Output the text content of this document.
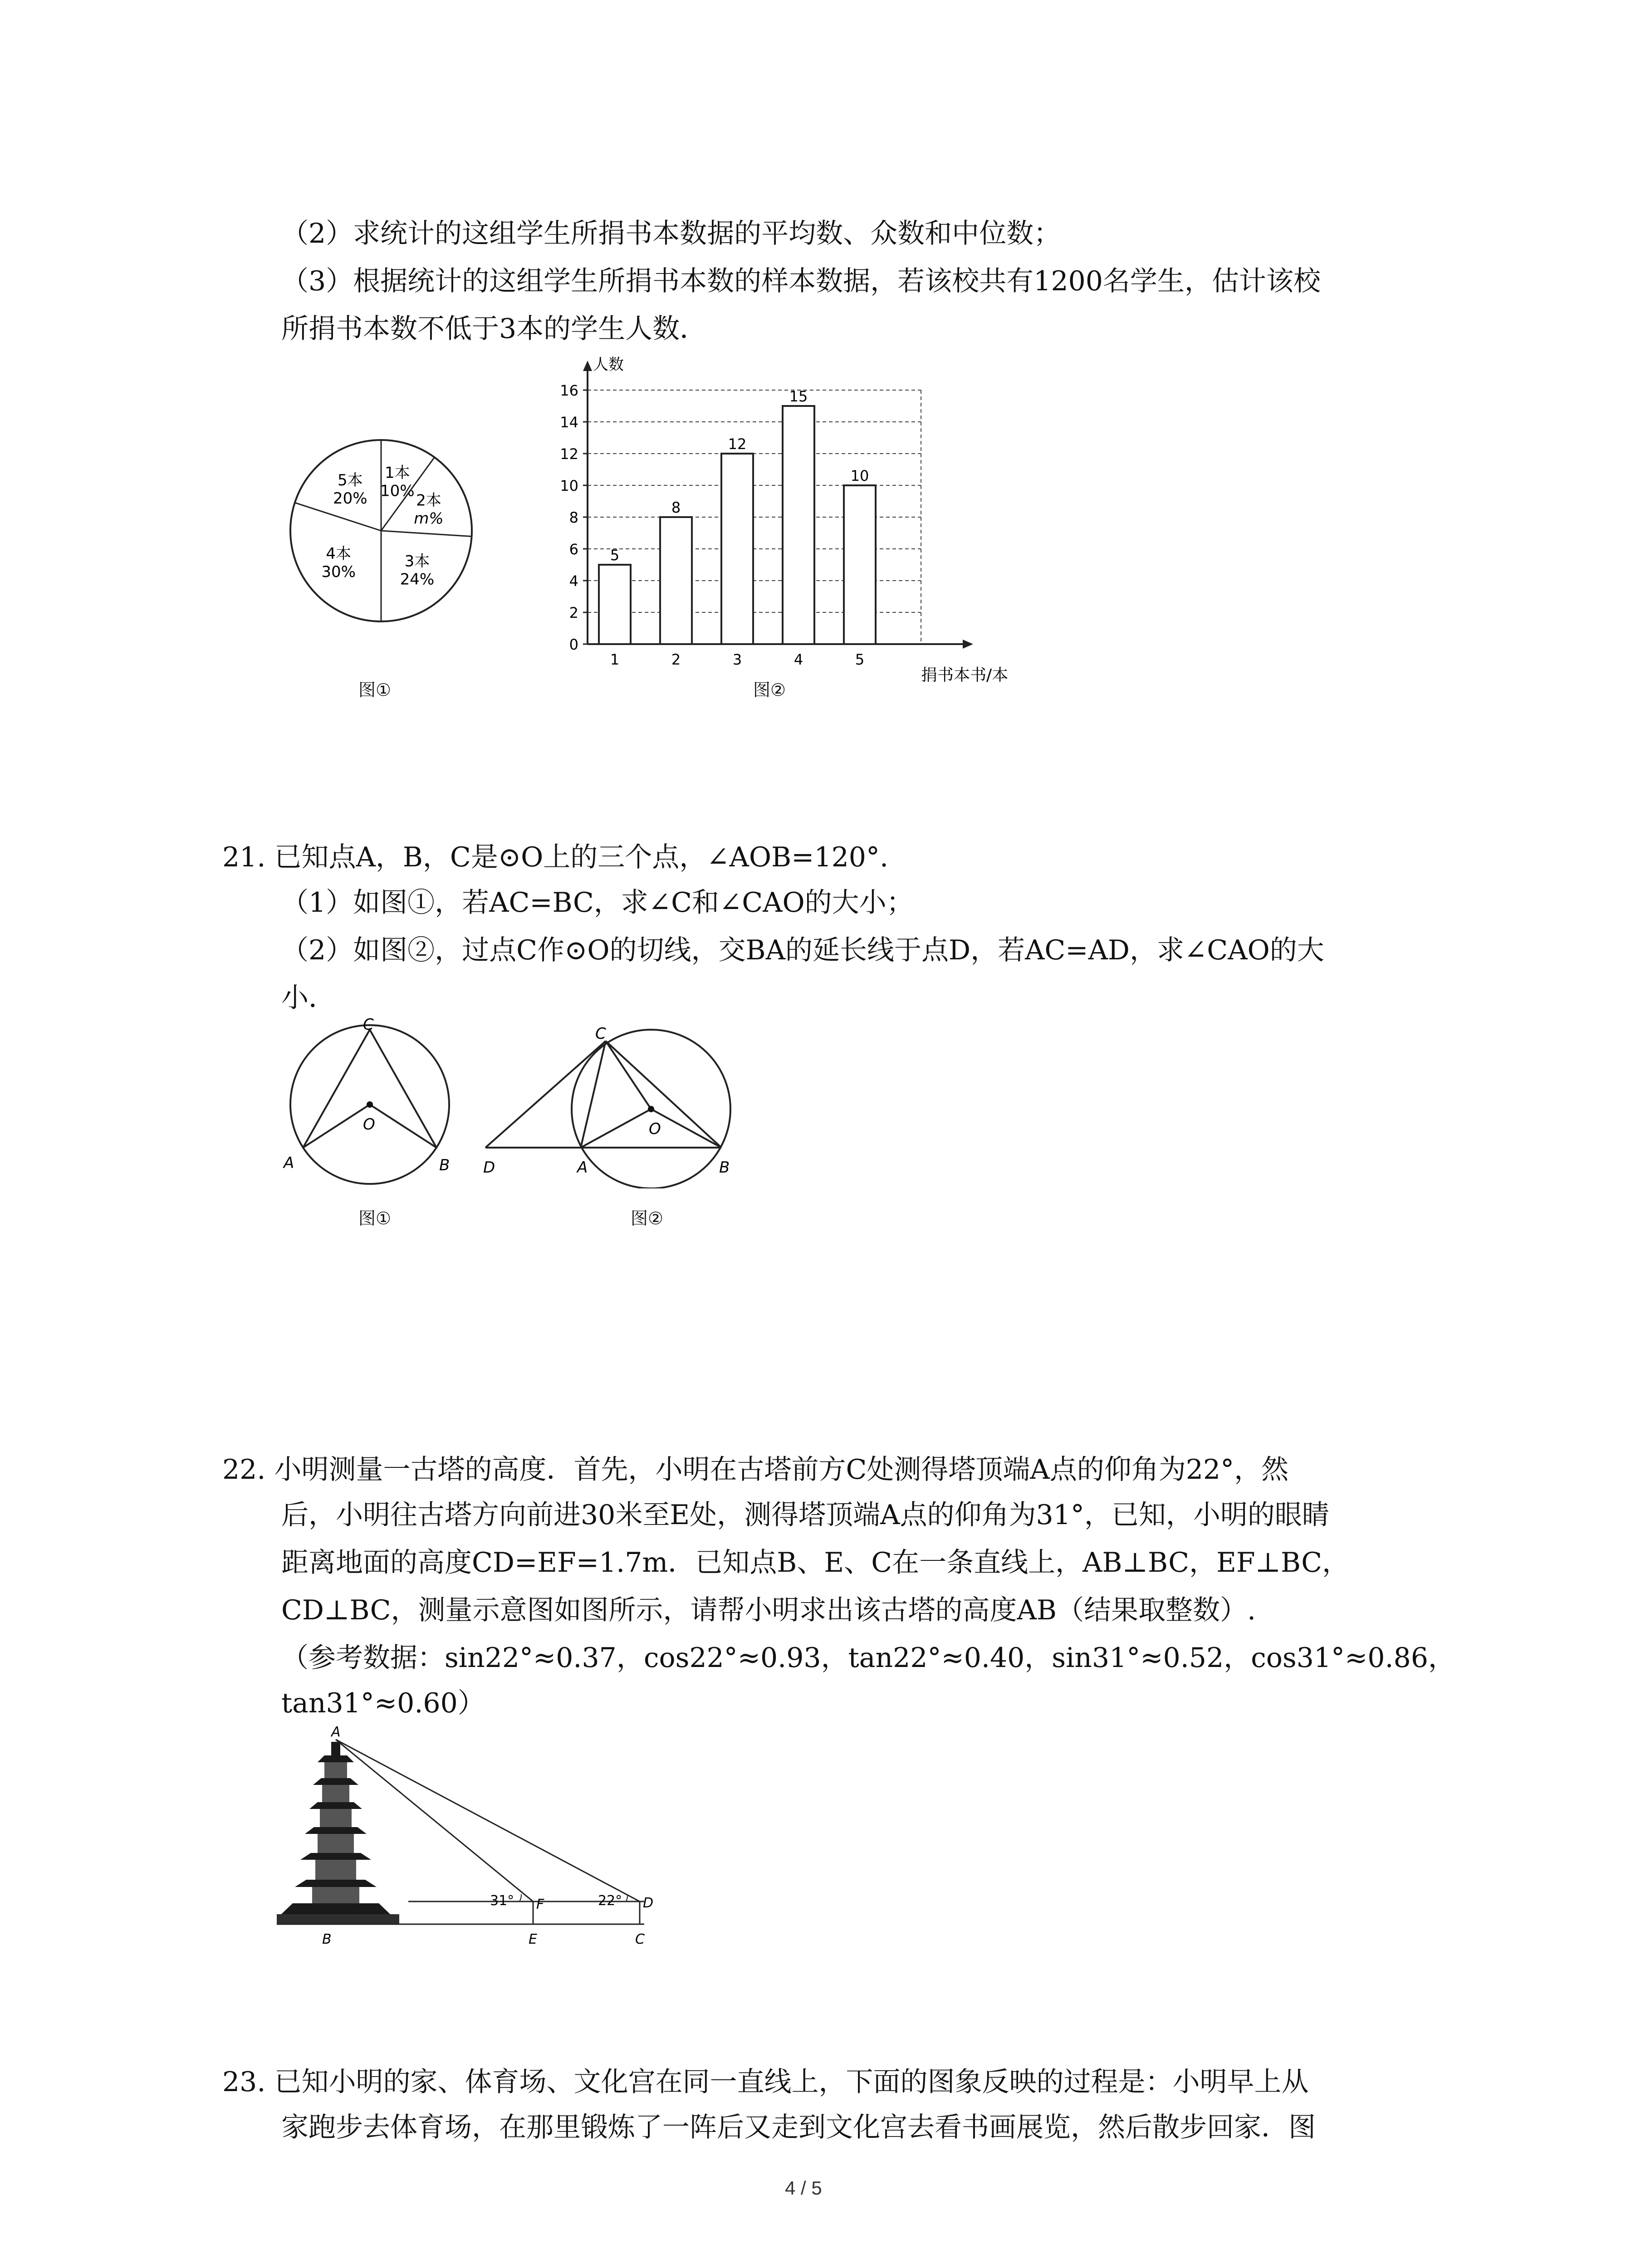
（2）求统计的这组学生所捐书本数据的平均数、众数和中位数；
（3）根据统计的这组学生所捐书本数的样本数据，若该校共有1200名学生，估计该校
所捐书本数不低于3本的学生人数．
1本
10%
2本
m%
3本
24%
4本
30%
5本
20%
图①
0
2
4
6
8
10
12
14
16
人数
捐书本书/本
5
1
8
2
12
3
15
4
10
5
图②
21. 已知点A，B，C是⊙O上的三个点，∠AOB=120°.
（1）如图①，若AC=BC，求∠C和∠CAO的大小；
（2）如图②，过点C作⊙O的切线，交BA的延长线于点D，若AC=AD，求∠CAO的大
小．
C
O
A	B
图①
C
O
D	A	B
图②
22. 小明测量一古塔的高度．首先，小明在古塔前方C处测得塔顶端A点的仰角为22°，然
后，小明往古塔方向前进30米至E处，测得塔顶端A点的仰角为31°，已知，小明的眼睛
距离地面的高度CD=EF=1.7m．已知点B、E、C在一条直线上，AB⊥BC，EF⊥BC，
CD⊥BC，测量示意图如图所示，请帮小明求出该古塔的高度AB（结果取整数）.
（参考数据：sin22°≈0.37，cos22°≈0.93，tan22°≈0.40，sin31°≈0.52，cos31°≈0.86，
tan31°≈0.60）
A
B	E	C
F	D
31°	22°
23. 已知小明的家、体育场、文化宫在同一直线上，下面的图象反映的过程是：小明早上从
家跑步去体育场，在那里锻炼了一阵后又走到文化宫去看书画展览，然后散步回家．图
4 / 5
